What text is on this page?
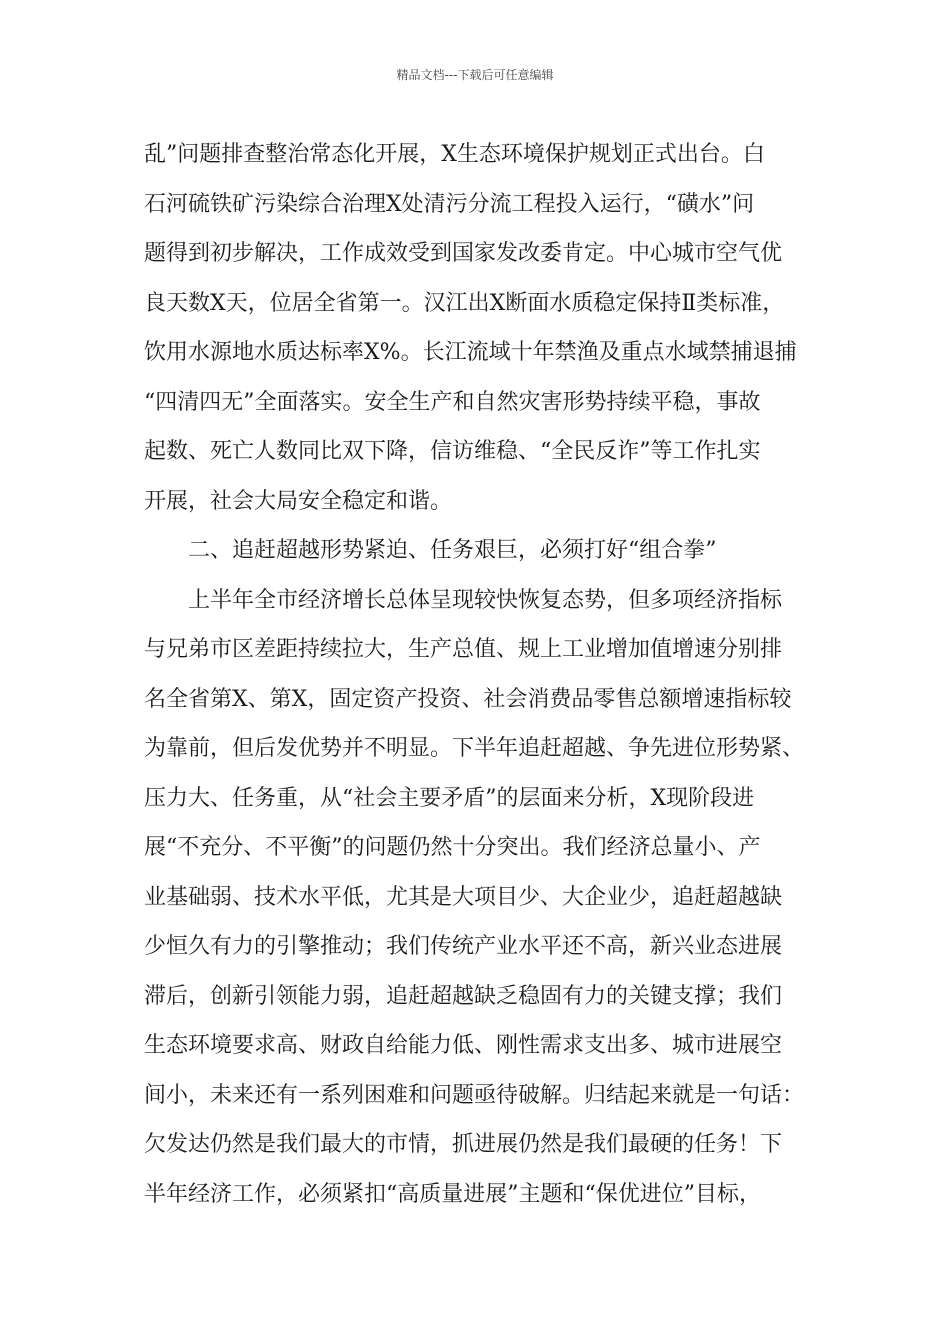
精品文档---下载后可任意编辑
乱”问题排查整治常态化开展，X生态环境保护规划正式出台。白
石河硫铁矿污染综合治理X处清污分流工程投入运行，“磺水”问
题得到初步解决，工作成效受到国家发改委肯定。中心城市空气优
良天数X天，位居全省第一。汉江出X断面水质稳定保持Ⅱ类标准，
饮用水源地水质达标率X%。长江流域十年禁渔及重点水域禁捕退捕
“四清四无”全面落实。安全生产和自然灾害形势持续平稳，事故
起数、死亡人数同比双下降，信访维稳、“全民反诈”等工作扎实
开展，社会大局安全稳定和谐。
二、追赶超越形势紧迫、任务艰巨，必须打好“组合拳”
上半年全市经济增长总体呈现较快恢复态势，但多项经济指标
与兄弟市区差距持续拉大，生产总值、规上工业增加值增速分别排
名全省第X、第X，固定资产投资、社会消费品零售总额增速指标较
为靠前，但后发优势并不明显。下半年追赶超越、争先进位形势紧、
压力大、任务重，从“社会主要矛盾”的层面来分析，X现阶段进
展“不充分、不平衡”的问题仍然十分突出。我们经济总量小、产
业基础弱、技术水平低，尤其是大项目少、大企业少，追赶超越缺
少恒久有力的引擎推动；我们传统产业水平还不高，新兴业态进展
滞后，创新引领能力弱，追赶超越缺乏稳固有力的关键支撑；我们
生态环境要求高、财政自给能力低、刚性需求支出多、城市进展空
间小，未来还有一系列困难和问题亟待破解。归结起来就是一句话：
欠发达仍然是我们最大的市情，抓进展仍然是我们最硬的任务！下
半年经济工作，必须紧扣“高质量进展”主题和“保优进位”目标，
